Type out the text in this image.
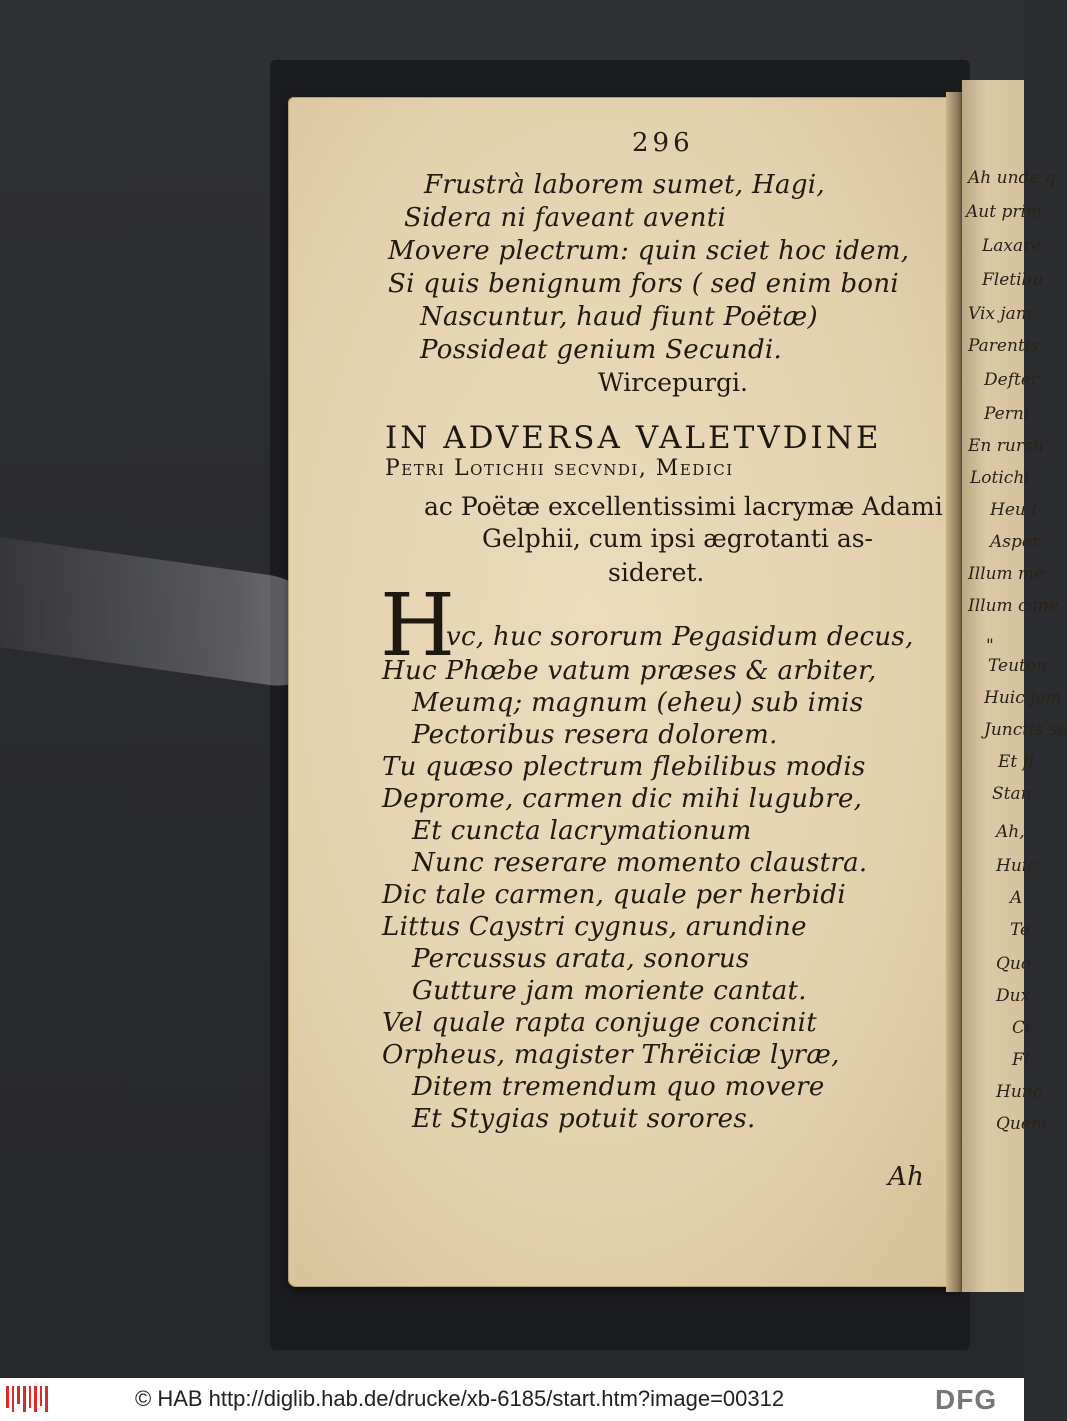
Ah unde q
Aut prim
Laxare
Fletibu
Vix jam
Parentis
Defter
Perni
En rursu
Lotichi
Heu t
Asper
Illum me
Illum cane
"
Teuton
Huic jam
Junctis se
Et fl
Stan
Ah,
Huic
A
Te
Quo
Dux
Ci
Fl
Hunc
Quem
296
Frustrà laborem sumet, Hagi,
Sidera ni faveant aventi
Movere plectrum: quin sciet hoc idem,
Si quis benignum fors ( sed enim boni
Nascuntur, haud fiunt Poëtæ)
Possideat genium Secundi.
Wircepurgi.
IN ADVERSA VALETVDINE
Petri Lotichii secvndi, Medici
ac Poëtæ excellentissimi lacrymæ Adami
Gelphii, cum ipsi ægrotanti as-
sideret.
H
vc, huc sororum Pegasidum decus,
Huc Phœbe vatum præses & arbiter,
Meumq; magnum (eheu) sub imis
Pectoribus resera dolorem.
Tu quæso plectrum flebilibus modis
Deprome, carmen dic mihi lugubre,
Et cuncta lacrymationum
Nunc reserare momento claustra.
Dic tale carmen, quale per herbidi
Littus Caystri cygnus, arundine
Percussus arata, sonorus
Gutture jam moriente cantat.
Vel quale rapta conjuge concinit
Orpheus, magister Thrëiciæ lyræ,
Ditem tremendum quo movere
Et Stygias potuit sorores.
Ah
© HAB http://diglib.hab.de/drucke/xb-6185/start.htm?image=00312	DFG
